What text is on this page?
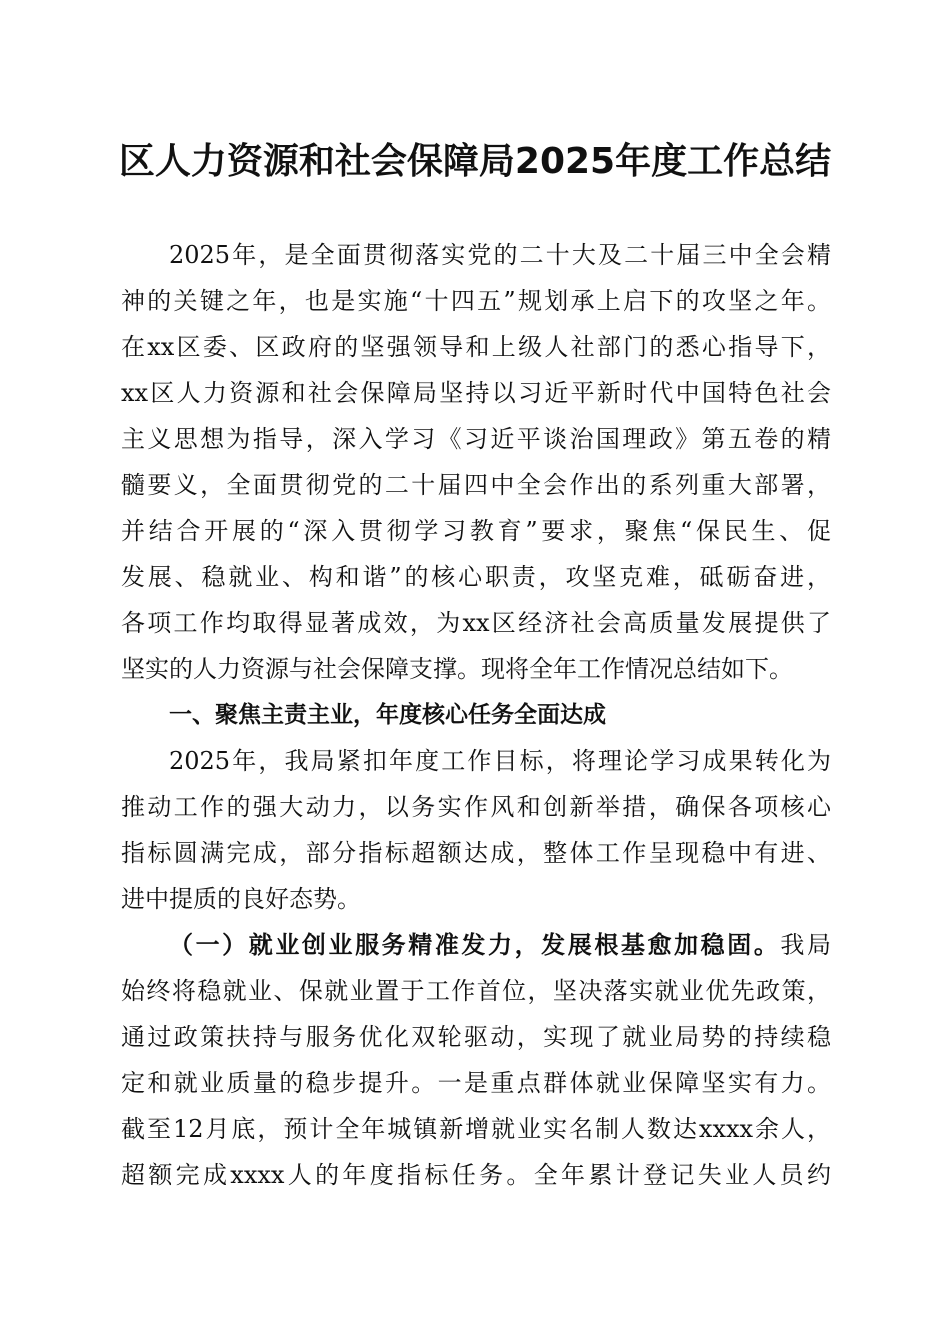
区人力资源和社会保障局2025年度工作总结
2025年，是全面贯彻落实党的二十大及二十届三中全会精
神的关键之年，也是实施“十四五”规划承上启下的攻坚之年。
在xx区委、区政府的坚强领导和上级人社部门的悉心指导下，
xx区人力资源和社会保障局坚持以习近平新时代中国特色社会
主义思想为指导，深入学习《习近平谈治国理政》第五卷的精
髓要义，全面贯彻党的二十届四中全会作出的系列重大部署，
并结合开展的“深入贯彻学习教育”要求，聚焦“保民生、促
发展、稳就业、构和谐”的核心职责，攻坚克难，砥砺奋进，
各项工作均取得显著成效，为xx区经济社会高质量发展提供了
坚实的人力资源与社会保障支撑。现将全年工作情况总结如下。
一、聚焦主责主业，年度核心任务全面达成
2025年，我局紧扣年度工作目标，将理论学习成果转化为
推动工作的强大动力，以务实作风和创新举措，确保各项核心
指标圆满完成，部分指标超额达成，整体工作呈现稳中有进、
进中提质的良好态势。
（一）就业创业服务精准发力，发展根基愈加稳固。我局
始终将稳就业、保就业置于工作首位，坚决落实就业优先政策，
通过政策扶持与服务优化双轮驱动，实现了就业局势的持续稳
定和就业质量的稳步提升。一是重点群体就业保障坚实有力。
截至12月底，预计全年城镇新增就业实名制人数达xxxx余人，
超额完成xxxx人的年度指标任务。全年累计登记失业人员约
